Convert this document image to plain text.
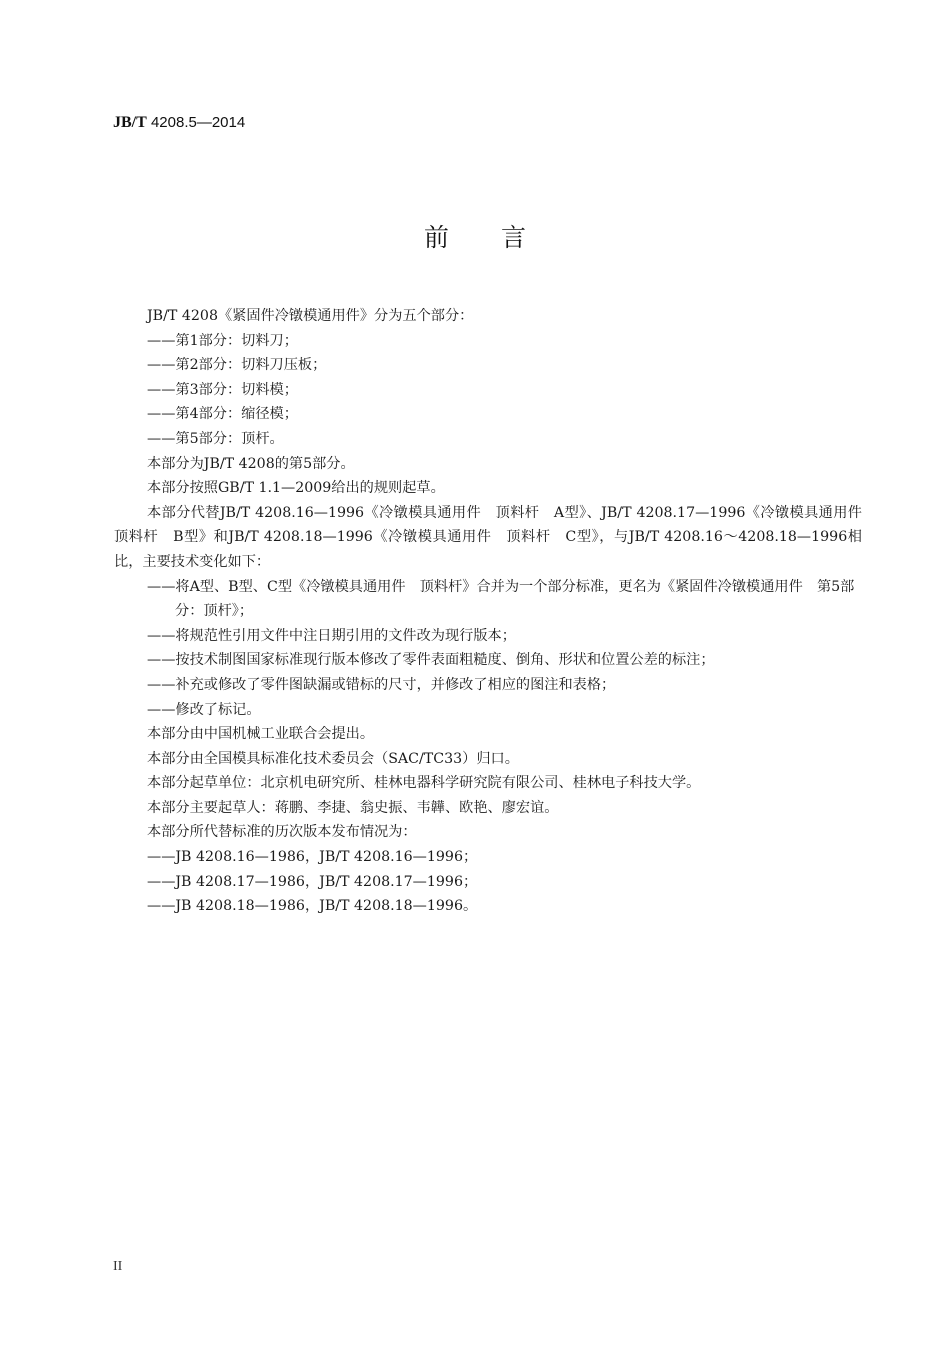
JB/T 4208.5—2014
前 言

JB/T 4208《紧固件冷镦模通用件》分为五个部分：

——第1部分：切料刀；

——第2部分：切料刀压板；

——第3部分：切料模；

——第4部分：缩径模；

——第5部分：顶杆。

本部分为JB/T 4208的第5部分。

本部分按照GB/T 1.1—2009给出的规则起草。

本部分代替JB/T 4208.16—1996《冷镦模具通用件　顶料杆　A型》、JB/T 4208.17—1996《冷镦模具通用件　顶料杆　B型》和JB/T 4208.18—1996《冷镦模具通用件　顶料杆　C型》，与JB/T 4208.16～4208.18—1996相比，主要技术变化如下：

——将A型、B型、C型《冷镦模具通用件　顶料杆》合并为一个部分标准，更名为《紧固件冷镦模通用件　第5部分：顶杆》；

——将规范性引用文件中注日期引用的文件改为现行版本；

——按技术制图国家标准现行版本修改了零件表面粗糙度、倒角、形状和位置公差的标注；

——补充或修改了零件图缺漏或错标的尺寸，并修改了相应的图注和表格；

——修改了标记。

本部分由中国机械工业联合会提出。

本部分由全国模具标准化技术委员会（SAC/TC33）归口。

本部分起草单位：北京机电研究所、桂林电器科学研究院有限公司、桂林电子科技大学。

本部分主要起草人：蒋鹏、李捷、翁史振、韦韡、欧艳、廖宏谊。

本部分所代替标准的历次版本发布情况为：

——JB 4208.16—1986，JB/T 4208.16—1996；

——JB 4208.17—1986，JB/T 4208.17—1996；

——JB 4208.18—1986，JB/T 4208.18—1996。

II
